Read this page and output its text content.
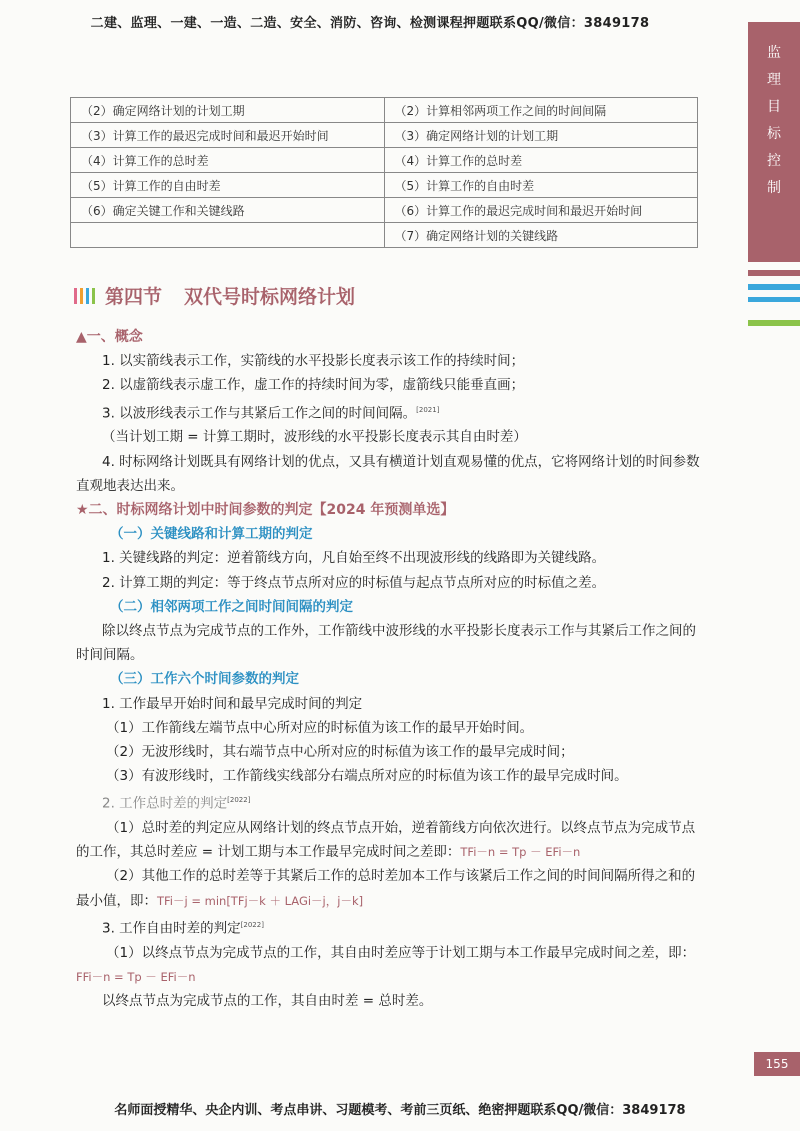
二建、监理、一建、一造、二造、安全、消防、咨询、检测课程押题联系QQ/微信：3849178
监
理
目
标
控
制
（2）确定网络计划的计划工期	（2）计算相邻两项工作之间的时间间隔
（3）计算工作的最迟完成时间和最迟开始时间	（3）确定网络计划的计划工期
（4）计算工作的总时差	（4）计算工作的总时差
（5）计算工作的自由时差	（5）计算工作的自由时差
（6）确定关键工作和关键线路	（6）计算工作的最迟完成时间和最迟开始时间
	（7）确定网络计划的关键线路
第四节 双代号时标网络计划

▲一、概念

1. 以实箭线表示工作，实箭线的水平投影长度表示该工作的持续时间；

2. 以虚箭线表示虚工作，虚工作的持续时间为零，虚箭线只能垂直画；

3. 以波形线表示工作与其紧后工作之间的时间间隔。[2021]

（当计划工期 = 计算工期时，波形线的水平投影长度表示其自由时差）

4. 时标网络计划既具有网络计划的优点，又具有横道计划直观易懂的优点，它将网络计划的时间参数直观地表达出来。

★二、时标网络计划中时间参数的判定【2024 年预测单选】

（一）关键线路和计算工期的判定

1. 关键线路的判定：逆着箭线方向，凡自始至终不出现波形线的线路即为关键线路。

2. 计算工期的判定：等于终点节点所对应的时标值与起点节点所对应的时标值之差。

（二）相邻两项工作之间时间间隔的判定

除以终点节点为完成节点的工作外，工作箭线中波形线的水平投影长度表示工作与其紧后工作之间的时间间隔。

（三）工作六个时间参数的判定

1. 工作最早开始时间和最早完成时间的判定

（1）工作箭线左端节点中心所对应的时标值为该工作的最早开始时间。

（2）无波形线时，其右端节点中心所对应的时标值为该工作的最早完成时间；

（3）有波形线时，工作箭线实线部分右端点所对应的时标值为该工作的最早完成时间。

2. 工作总时差的判定[2022]

（1）总时差的判定应从网络计划的终点节点开始，逆着箭线方向依次进行。以终点节点为完成节点的工作，其总时差应 = 计划工期与本工作最早完成时间之差即：TFi－n = Tp － EFi－n

（2）其他工作的总时差等于其紧后工作的总时差加本工作与该紧后工作之间的时间间隔所得之和的最小值，即：TFi－j = min[TFj－k ＋ LAGi－j，j－k]

3. 工作自由时差的判定[2022]

（1）以终点节点为完成节点的工作，其自由时差应等于计划工期与本工作最早完成时间之差，即：FFi－n = Tp － EFi－n

以终点节点为完成节点的工作，其自由时差 = 总时差。

155
名师面授精华、央企内训、考点串讲、习题模考、考前三页纸、绝密押题联系QQ/微信：3849178
